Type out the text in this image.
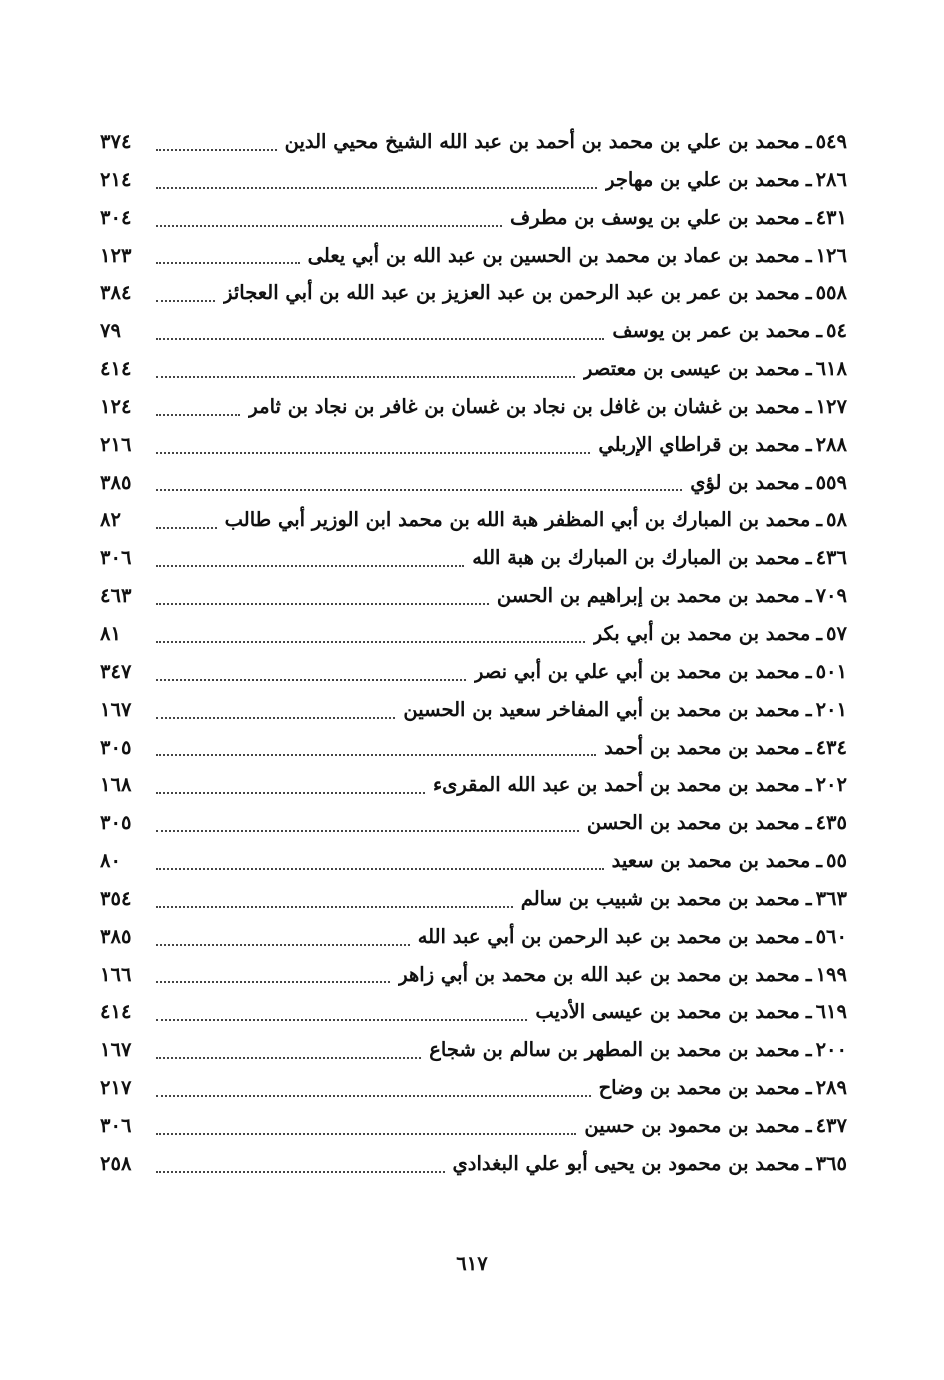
٥٤٩
ـ
محمد بن علي بن محمد بن أحمد بن عبد الله الشيخ محيي الدين
٣٧٤
٢٨٦
ـ
محمد بن علي بن مهاجر
٢١٤
٤٣١
ـ
محمد بن علي بن يوسف بن مطرف
٣٠٤
١٢٦
ـ
محمد بن عماد بن محمد بن الحسين بن عبد الله بن أبي يعلى
١٢٣
٥٥٨
ـ
محمد بن عمر بن عبد الرحمن بن عبد العزيز بن عبد الله بن أبي العجائز
٣٨٤
٥٤
ـ
محمد بن عمر بن يوسف
٧٩
٦١٨
ـ
محمد بن عيسى بن معتصر
٤١٤
١٢٧
ـ
محمد بن غشان بن غافل بن نجاد بن غسان بن غافر بن نجاد بن ثامر
١٢٤
٢٨٨
ـ
محمد بن قراطاي الإربلي
٢١٦
٥٥٩
ـ
محمد بن لؤي
٣٨٥
٥٨
ـ
محمد بن المبارك بن أبي المظفر هبة الله بن محمد ابن الوزير أبي طالب
٨٢
٤٣٦
ـ
محمد بن المبارك بن المبارك بن هبة الله
٣٠٦
٧٠٩
ـ
محمد بن محمد بن إبراهيم بن الحسن
٤٦٣
٥٧
ـ
محمد بن محمد بن أبي بكر
٨١
٥٠١
ـ
محمد بن محمد بن أبي علي بن أبي نصر
٣٤٧
٢٠١
ـ
محمد بن محمد بن أبي المفاخر سعيد بن الحسين
١٦٧
٤٣٤
ـ
محمد بن محمد بن أحمد
٣٠٥
٢٠٢
ـ
محمد بن محمد بن أحمد بن عبد الله المقرىء
١٦٨
٤٣٥
ـ
محمد بن محمد بن الحسن
٣٠٥
٥٥
ـ
محمد بن محمد بن سعيد
٨٠
٣٦٣
ـ
محمد بن محمد بن شبيب بن سالم
٣٥٤
٥٦٠
ـ
محمد بن محمد بن عبد الرحمن بن أبي عبد الله
٣٨٥
١٩٩
ـ
محمد بن محمد بن عبد الله بن محمد بن أبي زاهر
١٦٦
٦١٩
ـ
محمد بن محمد بن عيسى الأديب
٤١٤
٢٠٠
ـ
محمد بن محمد بن المطهر بن سالم بن شجاع
١٦٧
٢٨٩
ـ
محمد بن محمد بن وضاح
٢١٧
٤٣٧
ـ
محمد بن محمود بن حسين
٣٠٦
٣٦٥
ـ
محمد بن محمود بن يحيى أبو علي البغدادي
٢٥٨
٦١٧
